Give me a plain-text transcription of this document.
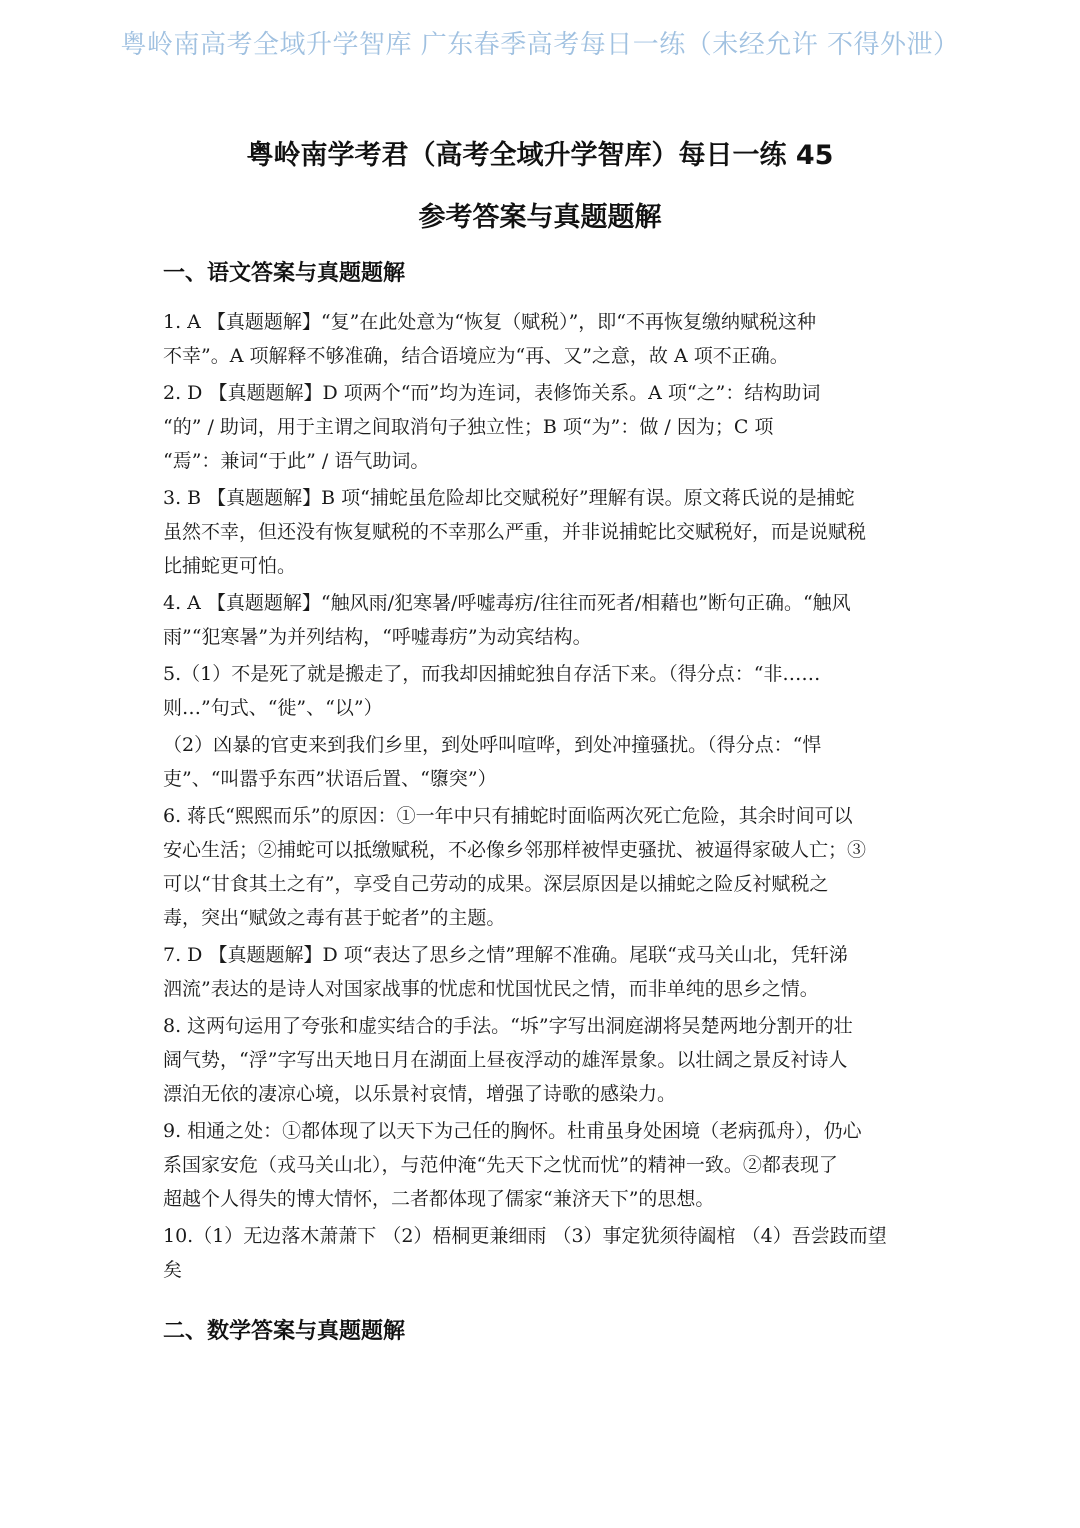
粤岭南高考全域升学智库 广东春季高考每日一练（未经允许 不得外泄）
粤岭南学考君（高考全域升学智库）每日一练 45
参考答案与真题题解
一、语文答案与真题题解
1. A 【真题题解】“复”在此处意为“恢复（赋税）”，即“不再恢复缴纳赋税这种
不幸”。A 项解释不够准确，结合语境应为“再、又”之意，故 A 项不正确。
2. D 【真题题解】D 项两个“而”均为连词，表修饰关系。A 项“之”：结构助词
“的” / 助词，用于主谓之间取消句子独立性；B 项“为”：做 / 因为；C 项
“焉”：兼词“于此” / 语气助词。
3. B 【真题题解】B 项“捕蛇虽危险却比交赋税好”理解有误。原文蒋氏说的是捕蛇
虽然不幸，但还没有恢复赋税的不幸那么严重，并非说捕蛇比交赋税好，而是说赋税
比捕蛇更可怕。
4. A 【真题题解】“触风雨/犯寒暑/呼嘘毒疠/往往而死者/相藉也”断句正确。“触风
雨”“犯寒暑”为并列结构，“呼嘘毒疠”为动宾结构。
5.（1）不是死了就是搬走了，而我却因捕蛇独自存活下来。（得分点：“非……
则…”句式、“徙”、“以”）
（2）凶暴的官吏来到我们乡里，到处呼叫喧哗，到处冲撞骚扰。（得分点：“悍
吏”、“叫嚣乎东西”状语后置、“隳突”）
6. 蒋氏“熙熙而乐”的原因：①一年中只有捕蛇时面临两次死亡危险，其余时间可以
安心生活；②捕蛇可以抵缴赋税，不必像乡邻那样被悍吏骚扰、被逼得家破人亡；③
可以“甘食其土之有”，享受自己劳动的成果。深层原因是以捕蛇之险反衬赋税之
毒，突出“赋敛之毒有甚于蛇者”的主题。
7. D 【真题题解】D 项“表达了思乡之情”理解不准确。尾联“戎马关山北，凭轩涕
泗流”表达的是诗人对国家战事的忧虑和忧国忧民之情，而非单纯的思乡之情。
8. 这两句运用了夸张和虚实结合的手法。“坼”字写出洞庭湖将吴楚两地分割开的壮
阔气势，“浮”字写出天地日月在湖面上昼夜浮动的雄浑景象。以壮阔之景反衬诗人
漂泊无依的凄凉心境，以乐景衬哀情，增强了诗歌的感染力。
9. 相通之处：①都体现了以天下为己任的胸怀。杜甫虽身处困境（老病孤舟），仍心
系国家安危（戎马关山北），与范仲淹“先天下之忧而忧”的精神一致。②都表现了
超越个人得失的博大情怀，二者都体现了儒家“兼济天下”的思想。
10.（1）无边落木萧萧下 （2）梧桐更兼细雨 （3）事定犹须待阖棺 （4）吾尝跂而望
矣
二、数学答案与真题题解
